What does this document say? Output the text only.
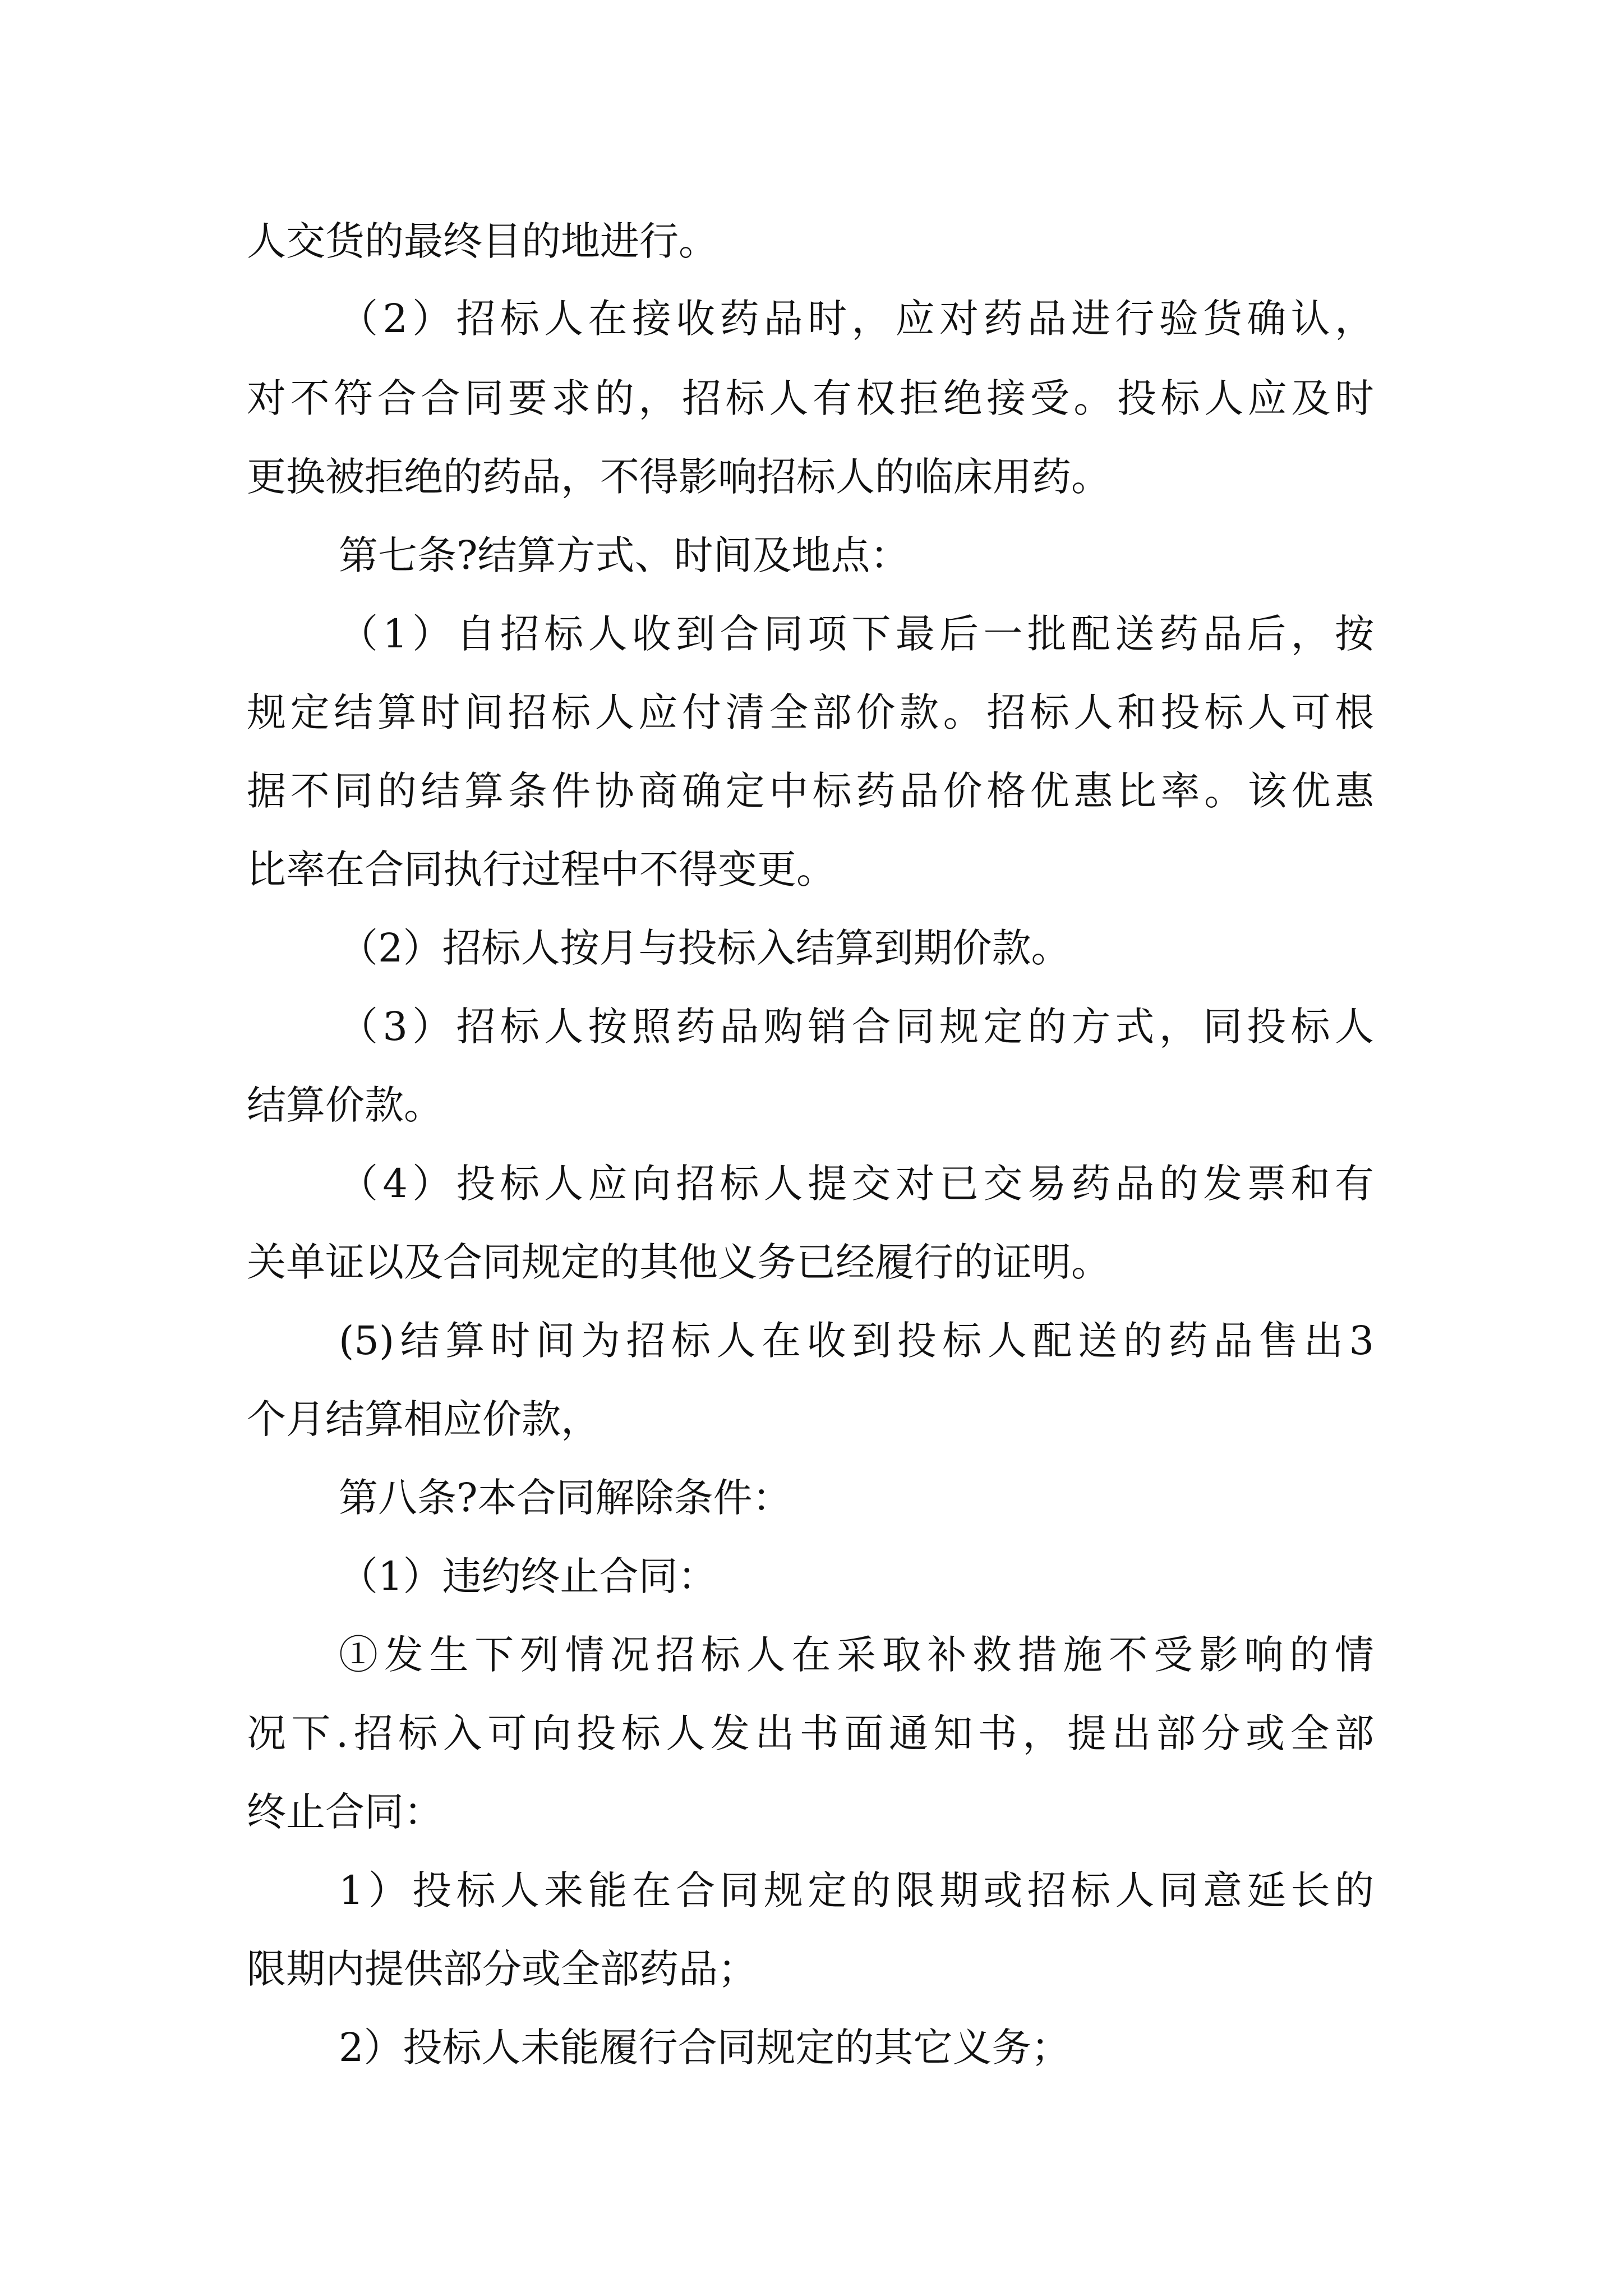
人交货的最终目的地进行。

（2）招标人在接收药品时，应对药品进行验货确认，

对不符合合同要求的，招标人有权拒绝接受。投标人应及时

更换被拒绝的药品，不得影响招标人的临床用药。

第七条?结算方式、时间及地点：

（1）自招标人收到合同项下最后一批配送药品后，按

规定结算时间招标人应付清全部价款。招标人和投标人可根

据不同的结算条件协商确定中标药品价格优惠比率。该优惠

比率在合同执行过程中不得变更。

（2）招标人按月与投标入结算到期价款。

（3）招标人按照药品购销合同规定的方式，同投标人

结算价款。

（4）投标人应向招标人提交对已交易药品的发票和有

关单证以及合同规定的其他义务已经履行的证明。

(5)结算时间为招标人在收到投标人配送的药品售出3

个月结算相应价款，

第八条?本合同解除条件：

（1）违约终止合同：

①发生下列情况招标人在采取补救措施不受影响的情

况下.招标入可向投标人发出书面通知书，提出部分或全部

终止合同：

1）投标人来能在合同规定的限期或招标人同意延长的

限期内提供部分或全部药品；

2）投标人未能履行合同规定的其它义务；
